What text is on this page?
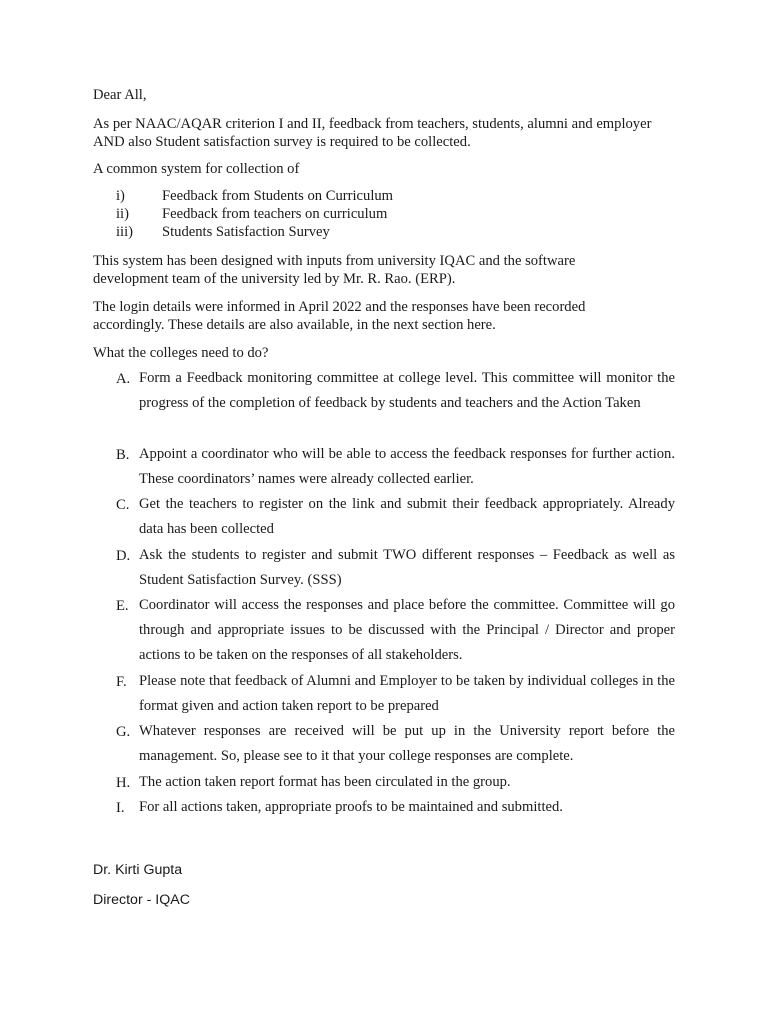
Dear All,
As per NAAC/AQAR criterion I and II, feedback from teachers, students, alumni and employer AND also Student satisfaction survey is required to be collected.
A common system for collection of
i)	Feedback from Students on Curriculum
ii) Feedback from teachers on curriculum
iii) Students Satisfaction Survey
This system has been designed with inputs from university IQAC and the software development team of the university led by Mr. R. Rao. (ERP).
The login details were informed in April 2022 and the responses have been recorded accordingly. These details are also available, in the next section here.
What the colleges need to do?
A. Form a Feedback monitoring committee at college level. This committee will monitor the progress of the completion of feedback by students and teachers and the Action Taken
B. Appoint a coordinator who will be able to access the feedback responses for further action. These coordinators’ names were already collected earlier.
C. Get the teachers to register on the link and submit their feedback appropriately. Already data has been collected
D. Ask the students to register and submit TWO different responses – Feedback as well as Student Satisfaction Survey. (SSS)
E. Coordinator will access the responses and place before the committee. Committee will go through and appropriate issues to be discussed with the Principal / Director and proper actions to be taken on the responses of all stakeholders.
F. Please note that feedback of Alumni and Employer to be taken by individual colleges in the format given and action taken report to be prepared
G. Whatever responses are received will be put up in the University report before the management. So, please see to it that your college responses are complete.
H. The action taken report format has been circulated in the group.
I. For all actions taken, appropriate proofs to be maintained and submitted.
Dr. Kirti Gupta
Director - IQAC
